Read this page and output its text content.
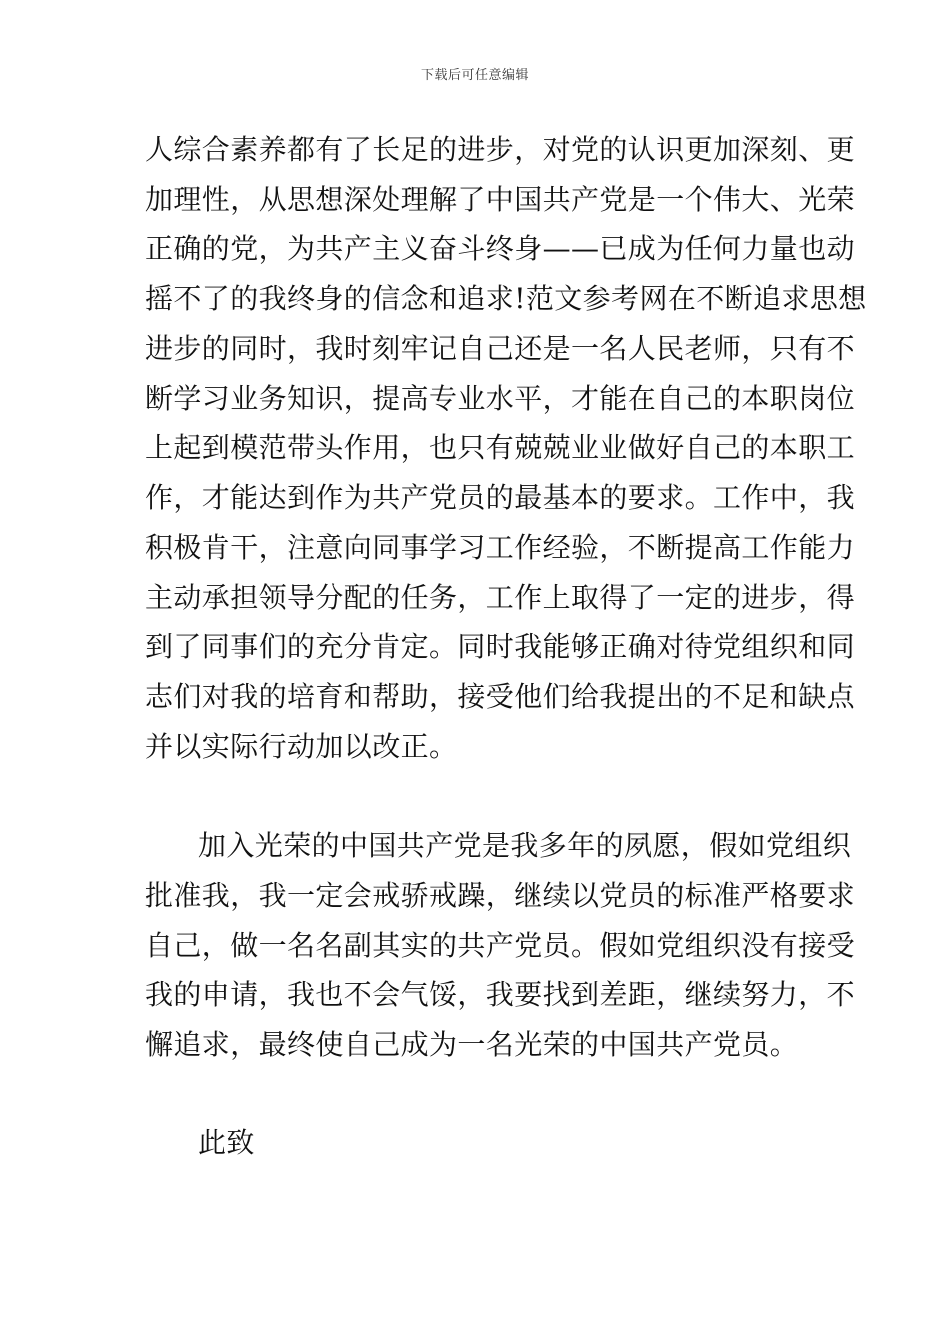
下载后可任意编辑
人综合素养都有了长足的进步，对党的认识更加深刻、更
加理性，从思想深处理解了中国共产党是一个伟大、光荣
正确的党，为共产主义奋斗终身——已成为任何力量也动
摇不了的我终身的信念和追求!范文参考网在不断追求思想
进步的同时，我时刻牢记自己还是一名人民老师，只有不
断学习业务知识，提高专业水平，才能在自己的本职岗位
上起到模范带头作用，也只有兢兢业业做好自己的本职工
作，才能达到作为共产党员的最基本的要求。工作中，我
积极肯干，注意向同事学习工作经验，不断提高工作能力
主动承担领导分配的任务，工作上取得了一定的进步，得
到了同事们的充分肯定。同时我能够正确对待党组织和同
志们对我的培育和帮助，接受他们给我提出的不足和缺点
并以实际行动加以改正。
加入光荣的中国共产党是我多年的夙愿，假如党组织
批准我，我一定会戒骄戒躁，继续以党员的标准严格要求
自己，做一名名副其实的共产党员。假如党组织没有接受
我的申请，我也不会气馁，我要找到差距，继续努力，不
懈追求，最终使自己成为一名光荣的中国共产党员。
此致
